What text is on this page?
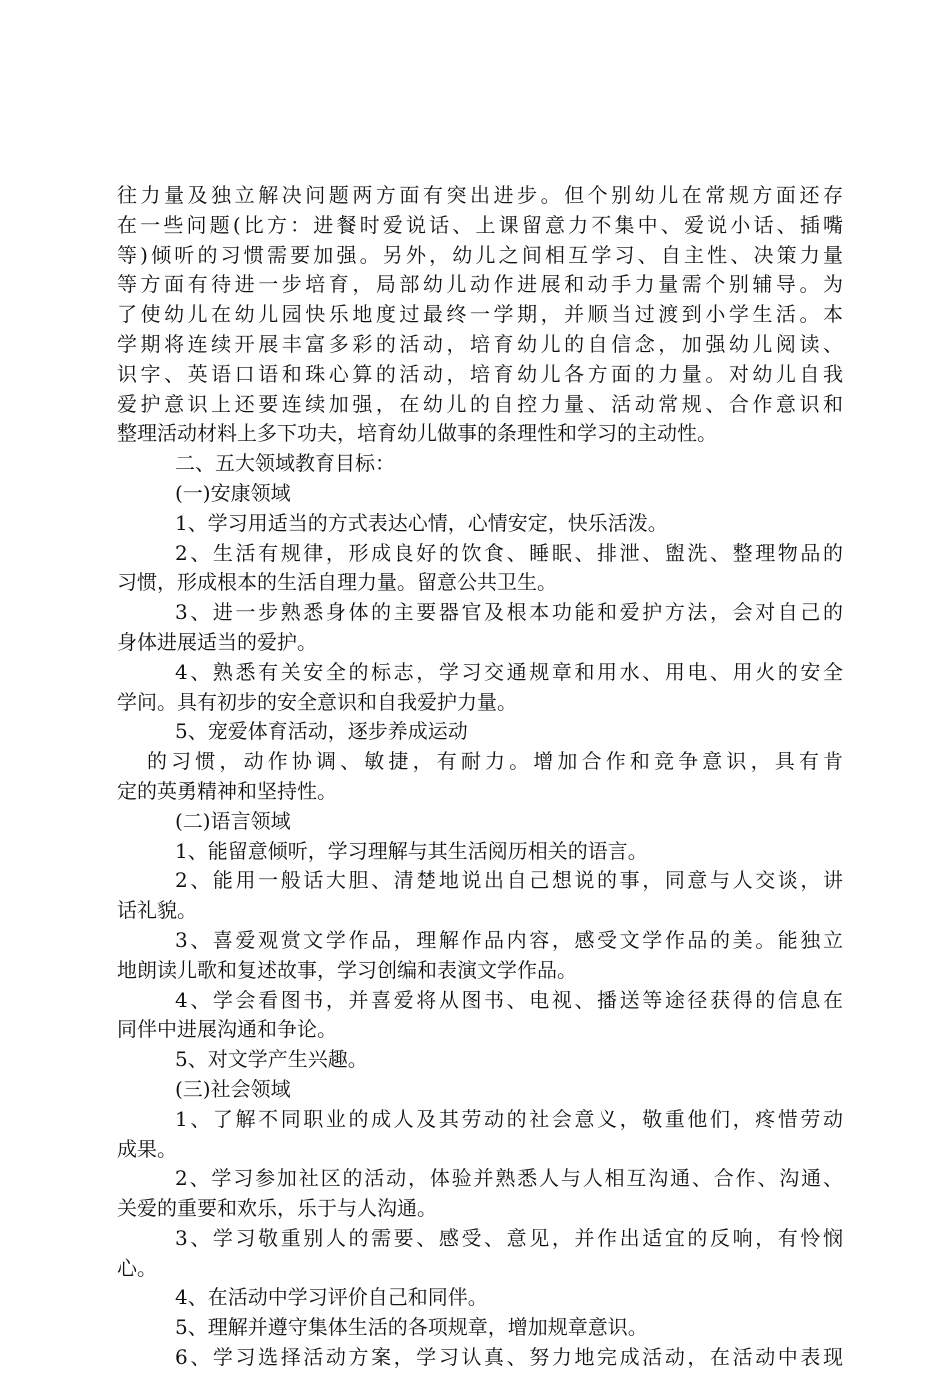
往力量及独立解决问题两方面有突出进步。但个别幼儿在常规方面还存
在一些问题(比方：进餐时爱说话、上课留意力不集中、爱说小话、插嘴
等)倾听的习惯需要加强。另外，幼儿之间相互学习、自主性、决策力量
等方面有待进一步培育，局部幼儿动作进展和动手力量需个别辅导。为
了使幼儿在幼儿园快乐地度过最终一学期，并顺当过渡到小学生活。本
学期将连续开展丰富多彩的活动，培育幼儿的自信念，加强幼儿阅读、
识字、英语口语和珠心算的活动，培育幼儿各方面的力量。对幼儿自我
爱护意识上还要连续加强，在幼儿的自控力量、活动常规、合作意识和
整理活动材料上多下功夫，培育幼儿做事的条理性和学习的主动性。
二、五大领域教育目标：
(一)安康领域
1、学习用适当的方式表达心情，心情安定，快乐活泼。
2、生活有规律，形成良好的饮食、睡眠、排泄、盥洗、整理物品的
习惯，形成根本的生活自理力量。留意公共卫生。
3、进一步熟悉身体的主要器官及根本功能和爱护方法，会对自己的
身体进展适当的爱护。
4、熟悉有关安全的标志，学习交通规章和用水、用电、用火的安全
学问。具有初步的安全意识和自我爱护力量。
5、宠爱体育活动，逐步养成运动
的习惯，动作协调、敏捷，有耐力。增加合作和竞争意识，具有肯
定的英勇精神和坚持性。
(二)语言领域
1、能留意倾听，学习理解与其生活阅历相关的语言。
2、能用一般话大胆、清楚地说出自己想说的事，同意与人交谈，讲
话礼貌。
3、喜爱观赏文学作品，理解作品内容，感受文学作品的美。能独立
地朗读儿歌和复述故事，学习创编和表演文学作品。
4、学会看图书，并喜爱将从图书、电视、播送等途径获得的信息在
同伴中进展沟通和争论。
5、对文学产生兴趣。
(三)社会领域
1、了解不同职业的成人及其劳动的社会意义，敬重他们，疼惜劳动
成果。
2、学习参加社区的活动，体验并熟悉人与人相互沟通、合作、沟通、
关爱的重要和欢乐，乐于与人沟通。
3、学习敬重别人的需要、感受、意见，并作出适宜的反响，有怜悯
心。
4、在活动中学习评价自己和同伴。
5、理解并遵守集体生活的各项规章，增加规章意识。
6、学习选择活动方案，学习认真、努力地完成活动，在活动中表现
